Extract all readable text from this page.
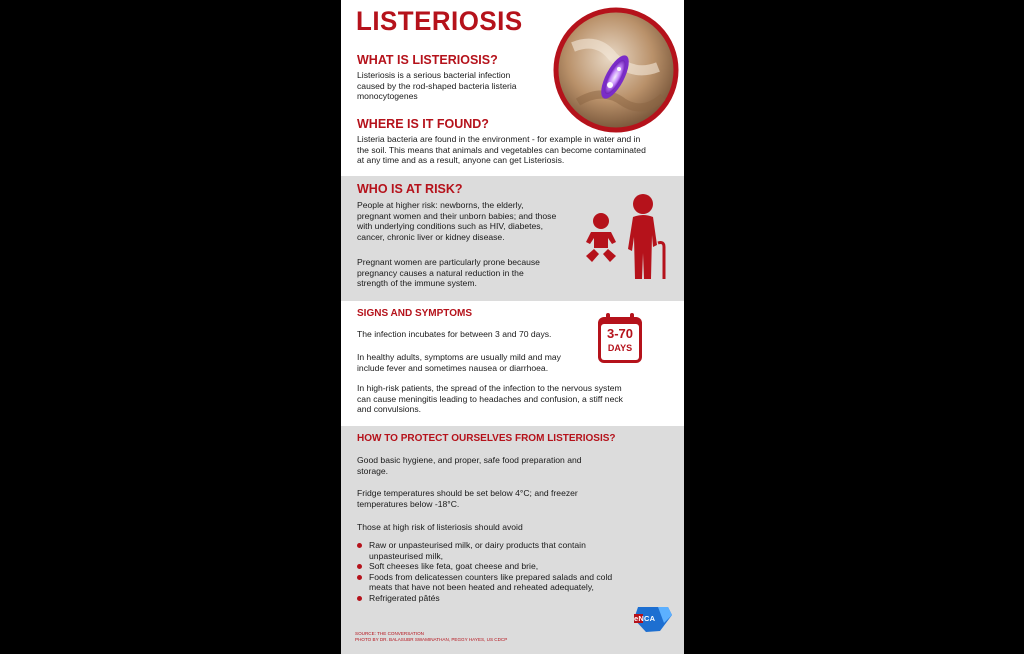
LISTERIOSIS
WHAT IS LISTERIOSIS?

Listeriosis is a serious bacterial infection
caused by the rod-shaped bacteria listeria
monocytogenes

WHERE IS IT FOUND?

Listeria bacteria are found in the environment - for example in water and in
the soil. This means that animals and vegetables can become contaminated
at any time and as a result, anyone can get Listeriosis.

WHO IS AT RISK?

People at higher risk: newborns, the elderly,
pregnant women and their unborn babies; and those
with underlying conditions such as HIV, diabetes,
cancer, chronic liver or kidney disease.

Pregnant women are particularly prone because
pregnancy causes a natural reduction in the
strength of the immune system.

SIGNS AND SYMPTOMS

The infection incubates for between 3 and 70 days.

In healthy adults, symptoms are usually mild and may
include fever and sometimes nausea or diarrhoea.

In high-risk patients, the spread of the infection to the nervous system
can cause meningitis leading to headaches and confusion, a stiff neck
and convulsions.

3-70
DAYS
HOW TO PROTECT OURSELVES FROM LISTERIOSIS?

Good basic hygiene, and proper, safe food preparation and
storage.

Fridge temperatures should be set below 4°C; and freezer
temperatures below -18°C.

Those at high risk of listeriosis should avoid

Raw or unpasteurised milk, or dairy products that contain
unpasteurised milk,
Soft cheeses like feta, goat cheese and brie,
Foods from delicatessen counters like prepared salads and cold
meats that have not been heated and reheated adequately,
Refrigerated pâtés

SOURCE: THE CONVERSATION
PHOTO BY DR. BALASUBR SWAMINATHAN, PEGGY HAYES, US CDCP

eNCA
